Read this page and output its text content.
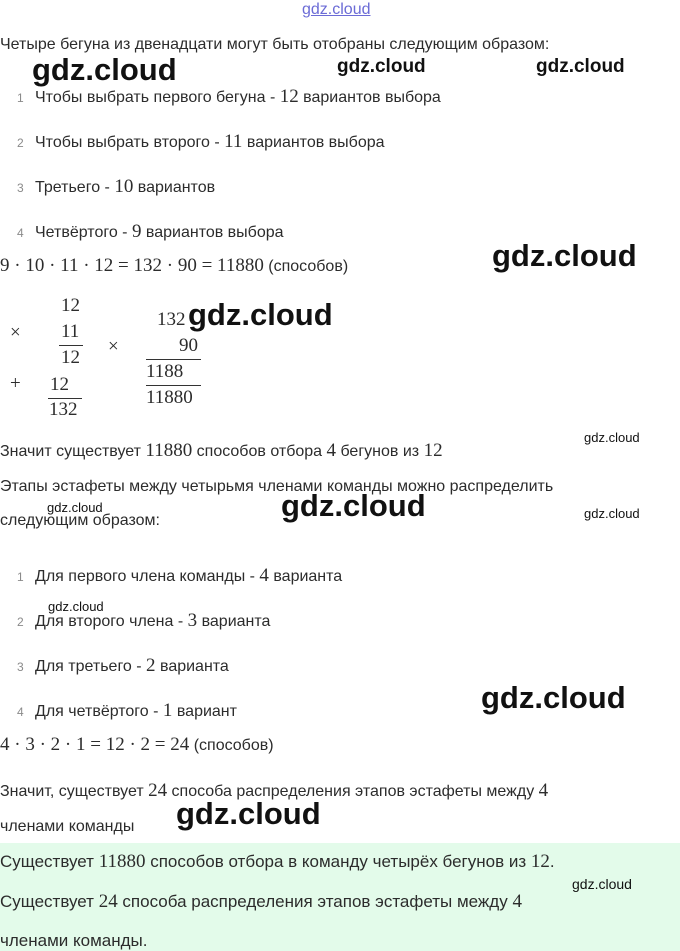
gdz.cloud
Четыре бегуна из двенадцати могут быть отобраны следующим образом:
gdz.cloud	gdz.cloud	gdz.cloud
1 Чтобы выбрать первого бегуна - 12 вариантов выбора
2 Чтобы выбрать второго - 11 вариантов выбора
3 Третьего - 10 вариантов
4 Четвёртого - 9 вариантов выбора
gdz.cloud
9 · 10 · 11 · 12 = 132 · 90 = 11880 (способов)
×
12
11
12
+ 12
132
×
132 gdz.cloud
90
1188
11880
Значит существует 11880 способов отбора 4 бегунов из 12
gdz.cloud
Этапы эстафеты между четырьмя членами команды можно распределить
gdz.cloud	gdz.cloud	gdz.cloud
следующим образом:
1 Для первого члена команды - 4 варианта
gdz.cloud
2 Для второго члена - 3 варианта
3 Для третьего - 2 варианта
gdz.cloud
4 Для четвёртого - 1 вариант
4 · 3 · 2 · 1 = 12 · 2 = 24 (способов)
Значит, существует 24 способа распределения этапов эстафеты между 4
членами команды gdz.cloud
Существует 11880 способов отбора в команду четырёх бегунов из 12.
gdz.cloud
Существует 24 способа распределения этапов эстафеты между 4
членами команды.
